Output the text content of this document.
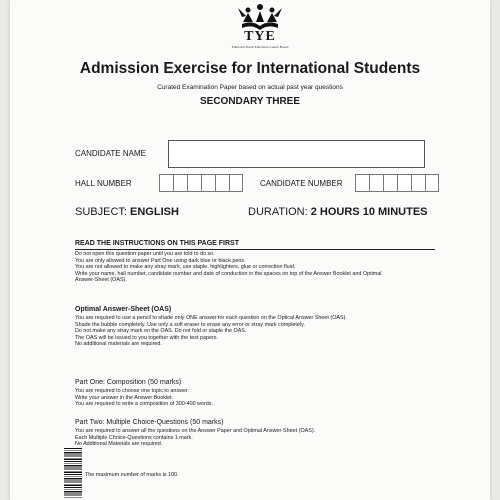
TYE
Edutorial Youth Education Centre Based
Admission Exercise for International Students
Curated Examination Paper based on actual past year questions
SECONDARY THREE
CANDIDATE NAME
HALL NUMBER	CANDIDATE NUMBER
SUBJECT: ENGLISH	DURATION: 2 HOURS 10 MINUTES
READ THE INSTRUCTIONS ON THIS PAGE FIRST
Do not open this question paper until you are told to do so.
You are only allowed to answer Part One using dark blue or black pens.
You are not allowed to make any stray mark, use staple, highlighters, glue or correction fluid.
Write your name, hall number, candidate number and date of conduction in the spaces on top of the Answer Booklet and Optimal
Answer-Sheet (OAS).
Optimal Answer-Sheet (OAS)
You are required to use a pencil to shade only ONE answer for each question on the Optical Answer Sheet (OAS).
Shade the bubble completely. Use only a soft eraser to erase any error or stray mark completely.
Do not make any stray mark on the OAS. Do not fold or staple the OAS.
The OAS will be issued to you together with the test papers.
No additional materials are required.
Part One: Composition (50 marks)
You are required to choose one topic to answer.
Write your answer in the Answer Booklet.
You are required to write a composition of 300-400 words.
Part Two: Multiple Choice-Questions (50 marks)
You are required to answer all the questions on the Answer Paper and Optimal Answer-Sheet (OAS).
Each Multiple Choice-Questions contains 1 mark.
No Additional Materials are required.
The maximum number of marks is 100.
